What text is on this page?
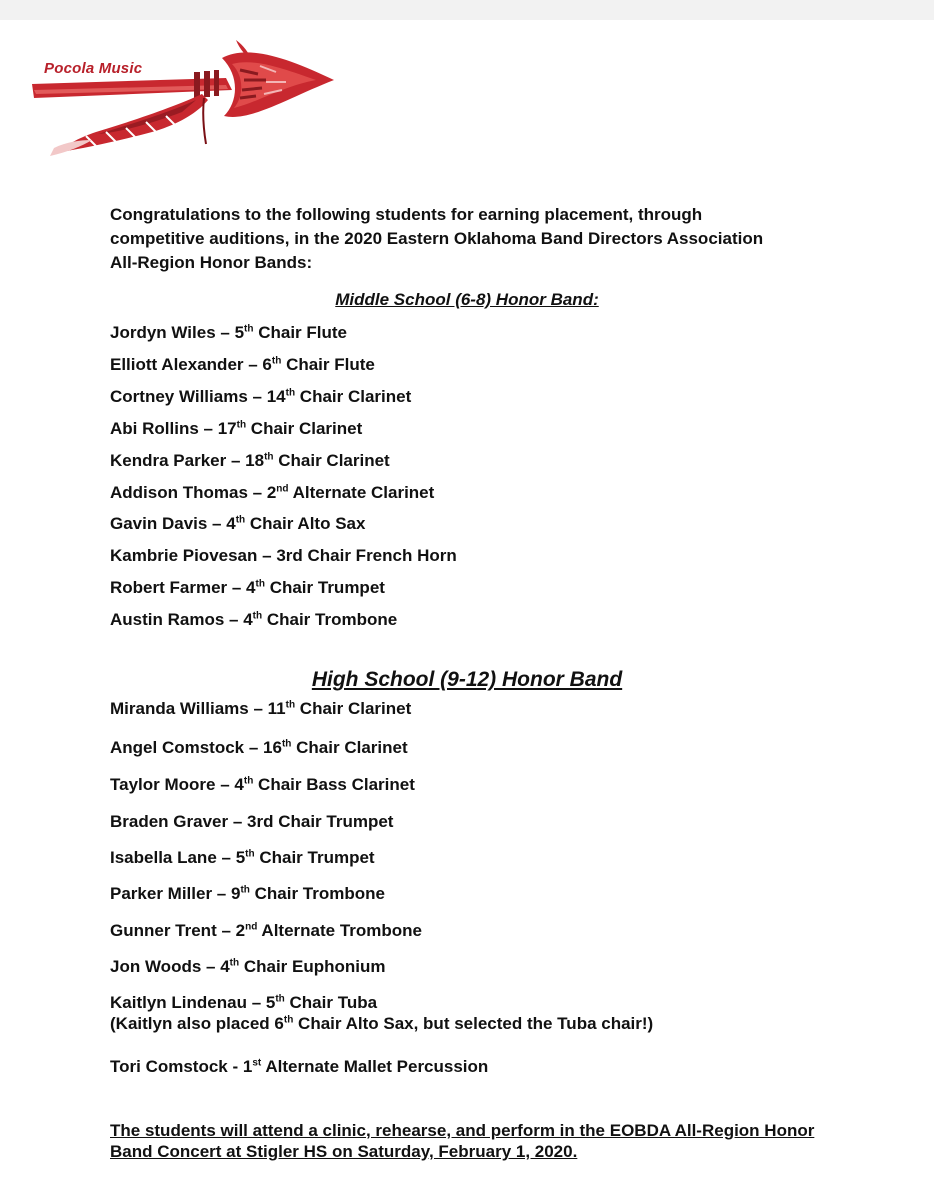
Pocola Music
Congratulations to the following students for earning placement, through competitive auditions, in the 2020 Eastern Oklahoma Band Directors Association All-Region Honor Bands:
Middle School (6-8) Honor Band:
Jordyn Wiles – 5th Chair Flute
Elliott Alexander – 6th Chair Flute
Cortney Williams – 14th Chair Clarinet
Abi Rollins – 17th Chair Clarinet
Kendra Parker – 18th Chair Clarinet
Addison Thomas – 2nd Alternate Clarinet
Gavin Davis – 4th Chair Alto Sax
Kambrie Piovesan – 3rd Chair French Horn
Robert Farmer – 4th Chair Trumpet
Austin Ramos – 4th Chair Trombone
High School (9-12) Honor Band
Miranda Williams – 11th Chair Clarinet
Angel Comstock – 16th Chair Clarinet
Taylor Moore – 4th Chair Bass Clarinet
Braden Graver – 3rd Chair Trumpet
Isabella Lane – 5th Chair Trumpet
Parker Miller – 9th Chair Trombone
Gunner Trent – 2nd Alternate Trombone
Jon Woods – 4th Chair Euphonium
Kaitlyn Lindenau – 5th Chair Tuba
Tori Comstock - 1st Alternate Mallet Percussion
(Kaitlyn also placed 6th Chair Alto Sax, but selected the Tuba chair!)
The students will attend a clinic, rehearse, and perform in the EOBDA All-Region Honor Band Concert at Stigler HS on Saturday, February 1, 2020.
